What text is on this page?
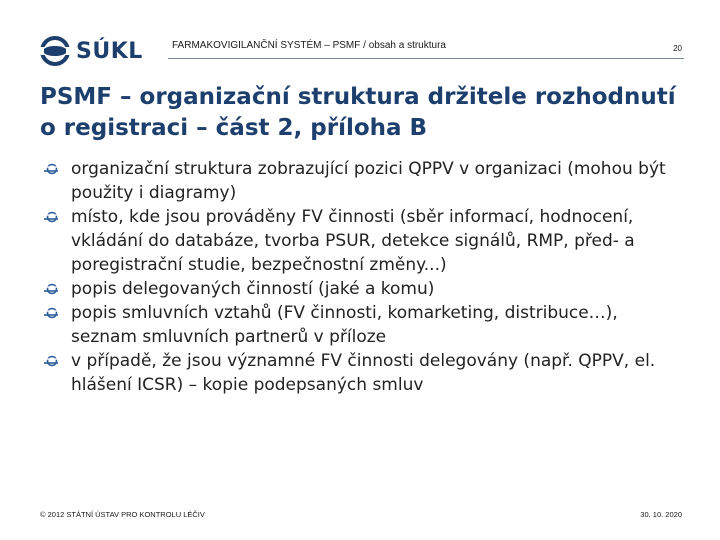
SÚKL	FARMAKOVIGILANČNÍ SYSTÉM – PSMF / obsah a struktura	20
PSMF – organizační struktura držitele rozhodnutí o registraci – část 2, příloha B
organizační struktura zobrazující pozici QPPV v organizaci (mohou být použity i diagramy)
místo, kde jsou prováděny FV činnosti (sběr informací, hodnocení, vkládání do databáze, tvorba PSUR, detekce signálů, RMP, před- a poregistrační studie, bezpečnostní změny...)
popis delegovaných činností (jaké a komu)
popis smluvních vztahů (FV činnosti, komarketing, distribuce…), seznam smluvních partnerů v příloze
v případě, že jsou významné FV činnosti delegovány (např. QPPV, el. hlášení ICSR) – kopie podepsaných smluv
© 2012 STÁTNÍ ÚSTAV PRO KONTROLU LÉČIV	30. 10. 2020
